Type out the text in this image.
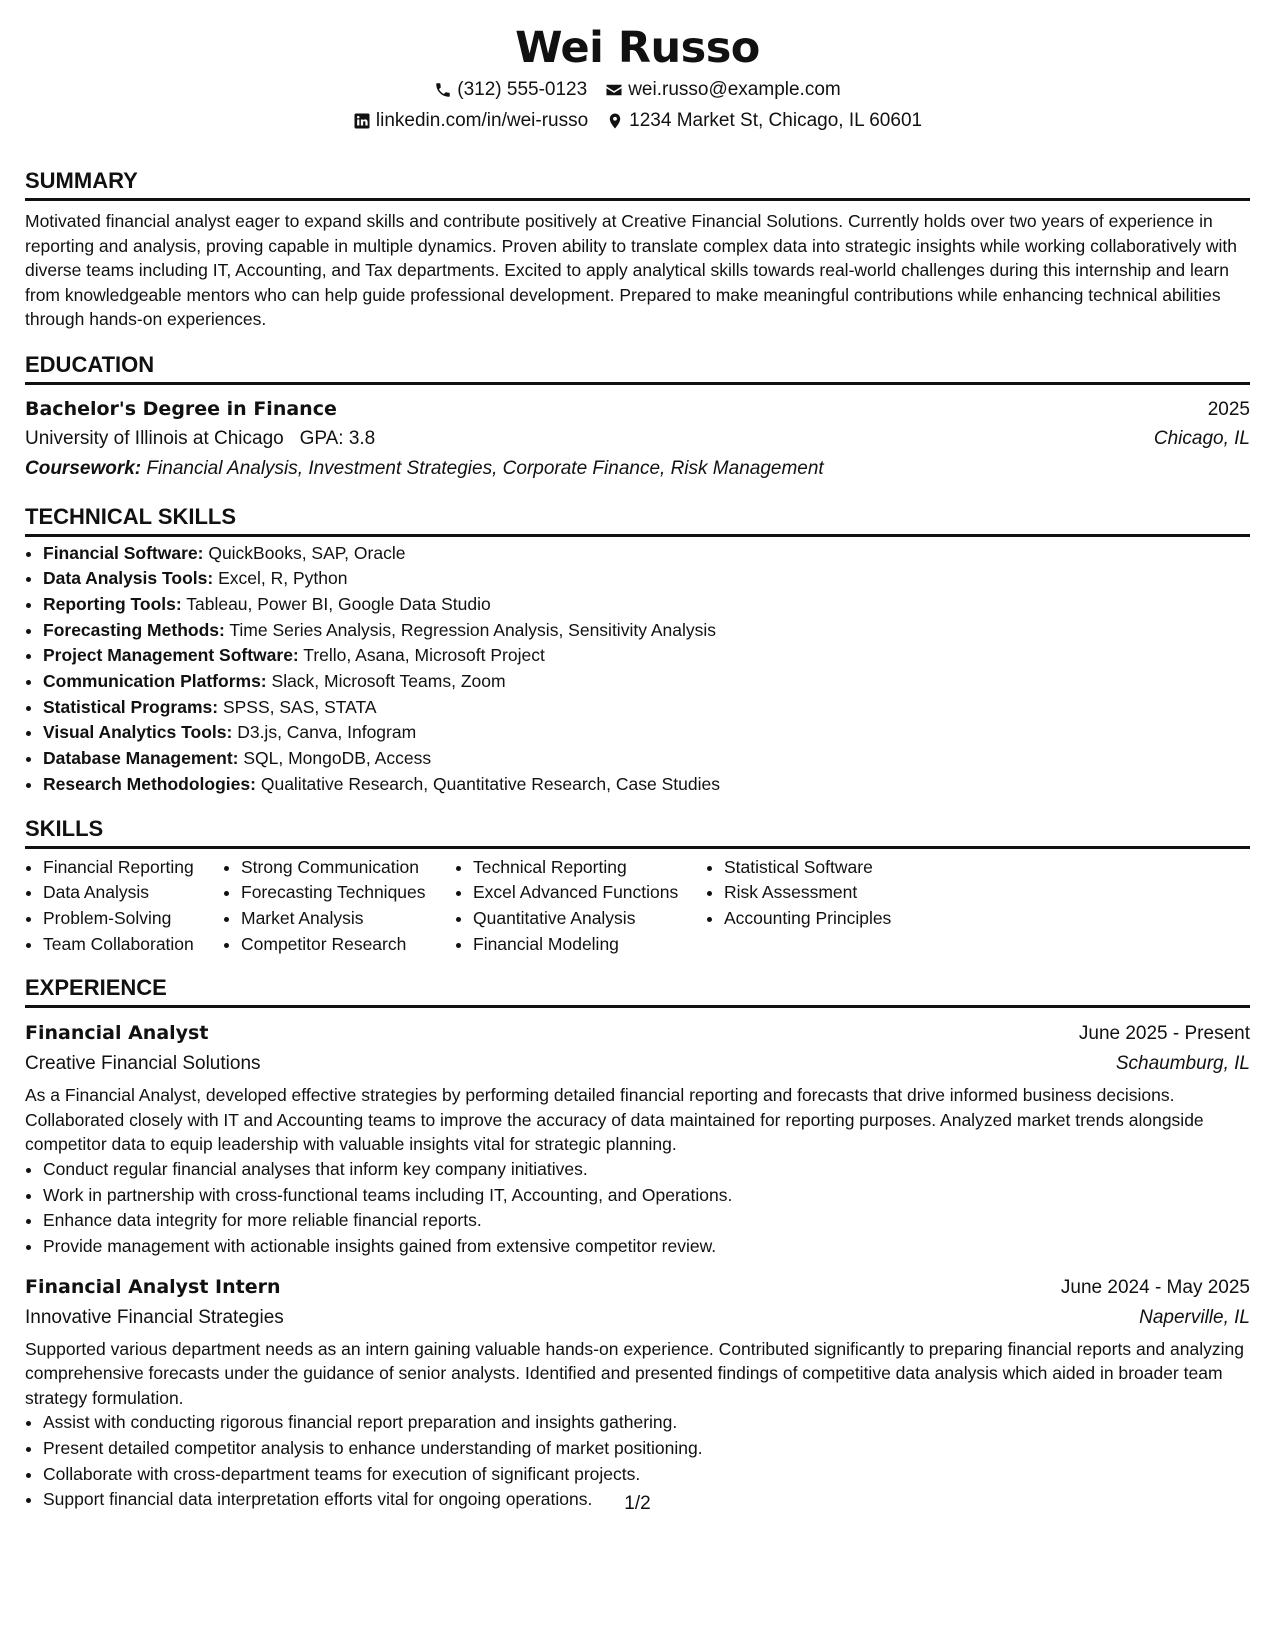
Wei Russo
(312) 555-0123 wei.russo@example.com
linkedin.com/in/wei-russo 1234 Market St, Chicago, IL 60601
SUMMARY
Motivated financial analyst eager to expand skills and contribute positively at Creative Financial Solutions. Currently holds over two years of experience in reporting and analysis, proving capable in multiple dynamics. Proven ability to translate complex data into strategic insights while working collaboratively with diverse teams including IT, Accounting, and Tax departments. Excited to apply analytical skills towards real-world challenges during this internship and learn from knowledgeable mentors who can help guide professional development. Prepared to make meaningful contributions while enhancing technical abilities through hands-on experiences.
EDUCATION
Bachelor's Degree in Finance	2025
University of Illinois at Chicago GPA: 3.8	Chicago, IL
Coursework: Financial Analysis, Investment Strategies, Corporate Finance, Risk Management
TECHNICAL SKILLS
• Financial Software: QuickBooks, SAP, Oracle
• Data Analysis Tools: Excel, R, Python
• Reporting Tools: Tableau, Power BI, Google Data Studio
• Forecasting Methods: Time Series Analysis, Regression Analysis, Sensitivity Analysis
• Project Management Software: Trello, Asana, Microsoft Project
• Communication Platforms: Slack, Microsoft Teams, Zoom
• Statistical Programs: SPSS, SAS, STATA
• Visual Analytics Tools: D3.js, Canva, Infogram
• Database Management: SQL, MongoDB, Access
• Research Methodologies: Qualitative Research, Quantitative Research, Case Studies
SKILLS
• Financial Reporting
• Data Analysis
• Problem-Solving
• Team Collaboration
• Strong Communication
• Forecasting Techniques
• Market Analysis
• Competitor Research
• Technical Reporting
• Excel Advanced Functions
• Quantitative Analysis
• Financial Modeling
• Statistical Software
• Risk Assessment
• Accounting Principles
EXPERIENCE
Financial Analyst	June 2025 - Present
Creative Financial Solutions	Schaumburg, IL
As a Financial Analyst, developed effective strategies by performing detailed financial reporting and forecasts that drive informed business decisions. Collaborated closely with IT and Accounting teams to improve the accuracy of data maintained for reporting purposes. Analyzed market trends alongside competitor data to equip leadership with valuable insights vital for strategic planning.
• Conduct regular financial analyses that inform key company initiatives.
• Work in partnership with cross-functional teams including IT, Accounting, and Operations.
• Enhance data integrity for more reliable financial reports.
• Provide management with actionable insights gained from extensive competitor review.
Financial Analyst Intern	June 2024 - May 2025
Innovative Financial Strategies	Naperville, IL
Supported various department needs as an intern gaining valuable hands-on experience. Contributed significantly to preparing financial reports and analyzing comprehensive forecasts under the guidance of senior analysts. Identified and presented findings of competitive data analysis which aided in broader team strategy formulation.
• Assist with conducting rigorous financial report preparation and insights gathering.
• Present detailed competitor analysis to enhance understanding of market positioning.
• Collaborate with cross-department teams for execution of significant projects.
• Support financial data interpretation efforts vital for ongoing operations.	1/2
